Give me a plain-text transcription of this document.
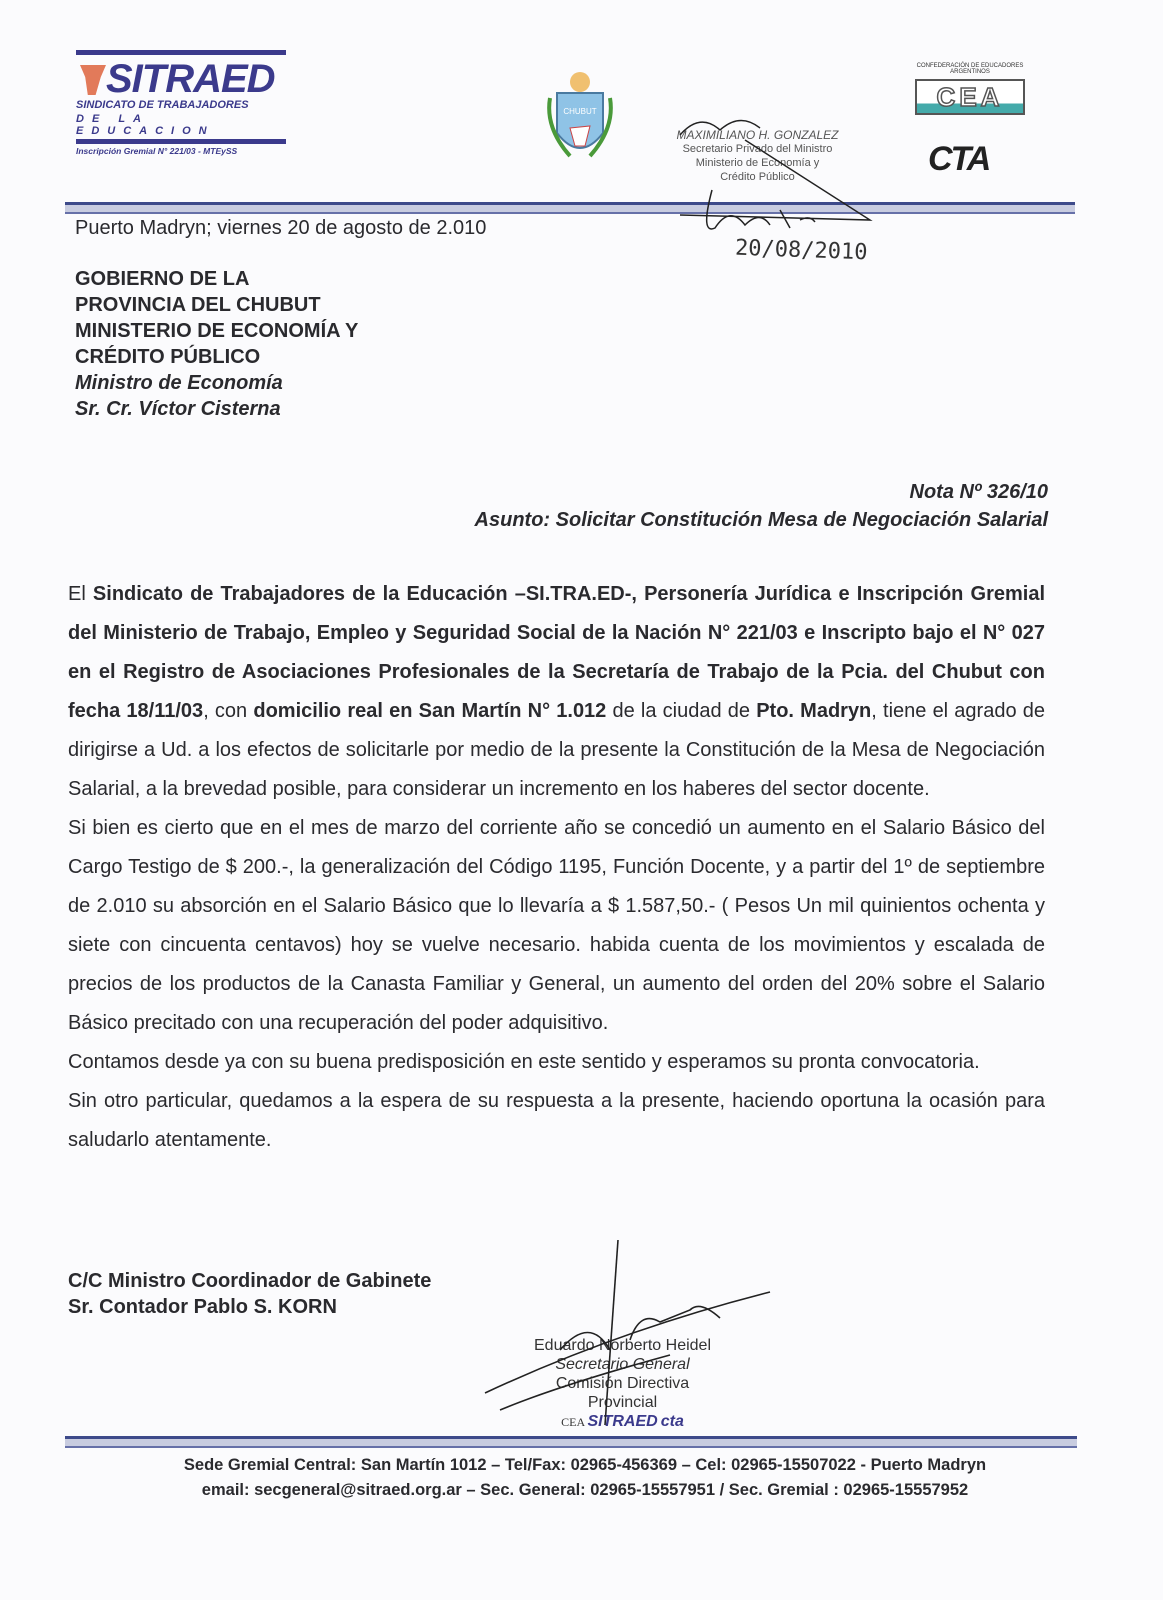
SITRAED
SINDICATO DE TRABAJADORES
DE LA EDUCACION
Inscripción Gremial N° 221/03 - MTEySS
CHUBUT
CONFEDERACIÓN DE EDUCADORES ARGENTINOS
CEA
CTA
MAXIMILIANO H. GONZALEZ
Secretario Privado del Ministro
Ministerio de Economía y
Crédito Público
20/08/2010
Puerto Madryn; viernes 20 de agosto de 2.010
GOBIERNO DE LA
PROVINCIA DEL CHUBUT
MINISTERIO DE ECONOMÍA Y
CRÉDITO PÚBLICO
Ministro de Economía
Sr. Cr. Víctor Cisterna
Nota Nº 326/10
Asunto: Solicitar Constitución Mesa de Negociación Salarial

El Sindicato de Trabajadores de la Educación –SI.TRA.ED-, Personería Jurídica e Inscripción Gremial del Ministerio de Trabajo, Empleo y Seguridad Social de la Nación N° 221/03 e Inscripto bajo el N° 027 en el Registro de Asociaciones Profesionales de la Secretaría de Trabajo de la Pcia. del Chubut con fecha 18/11/03, con domicilio real en San Martín N° 1.012 de la ciudad de Pto. Madryn, tiene el agrado de dirigirse a Ud. a los efectos de solicitarle por medio de la presente la Constitución de la Mesa de Negociación Salarial, a la brevedad posible, para considerar un incremento en los haberes del sector docente.

Si bien es cierto que en el mes de marzo del corriente año se concedió un aumento en el Salario Básico del Cargo Testigo de $ 200.-, la generalización del Código 1195, Función Docente, y a partir del 1º de septiembre de 2.010 su absorción en el Salario Básico que lo llevaría a $ 1.587,50.- ( Pesos Un mil quinientos ochenta y siete con cincuenta centavos) hoy se vuelve necesario. habida cuenta de los movimientos y escalada de precios de los productos de la Canasta Familiar y General, un aumento del orden del 20% sobre el Salario Básico precitado con una recuperación del poder adquisitivo.

Contamos desde ya con su buena predisposición en este sentido y esperamos su pronta convocatoria.

Sin otro particular, quedamos a la espera de su respuesta a la presente, haciendo oportuna la ocasión para saludarlo atentamente.

C/C Ministro Coordinador de Gabinete
Sr. Contador Pablo S. KORN
Eduardo Norberto Heidel
Secretario General
Comisión Directiva Provincial
CEA SITRAED cta
Sede Gremial Central: San Martín 1012 – Tel/Fax: 02965-456369 – Cel: 02965-15507022 - Puerto Madryn
email: secgeneral@sitraed.org.ar – Sec. General: 02965-15557951 / Sec. Gremial : 02965-15557952
